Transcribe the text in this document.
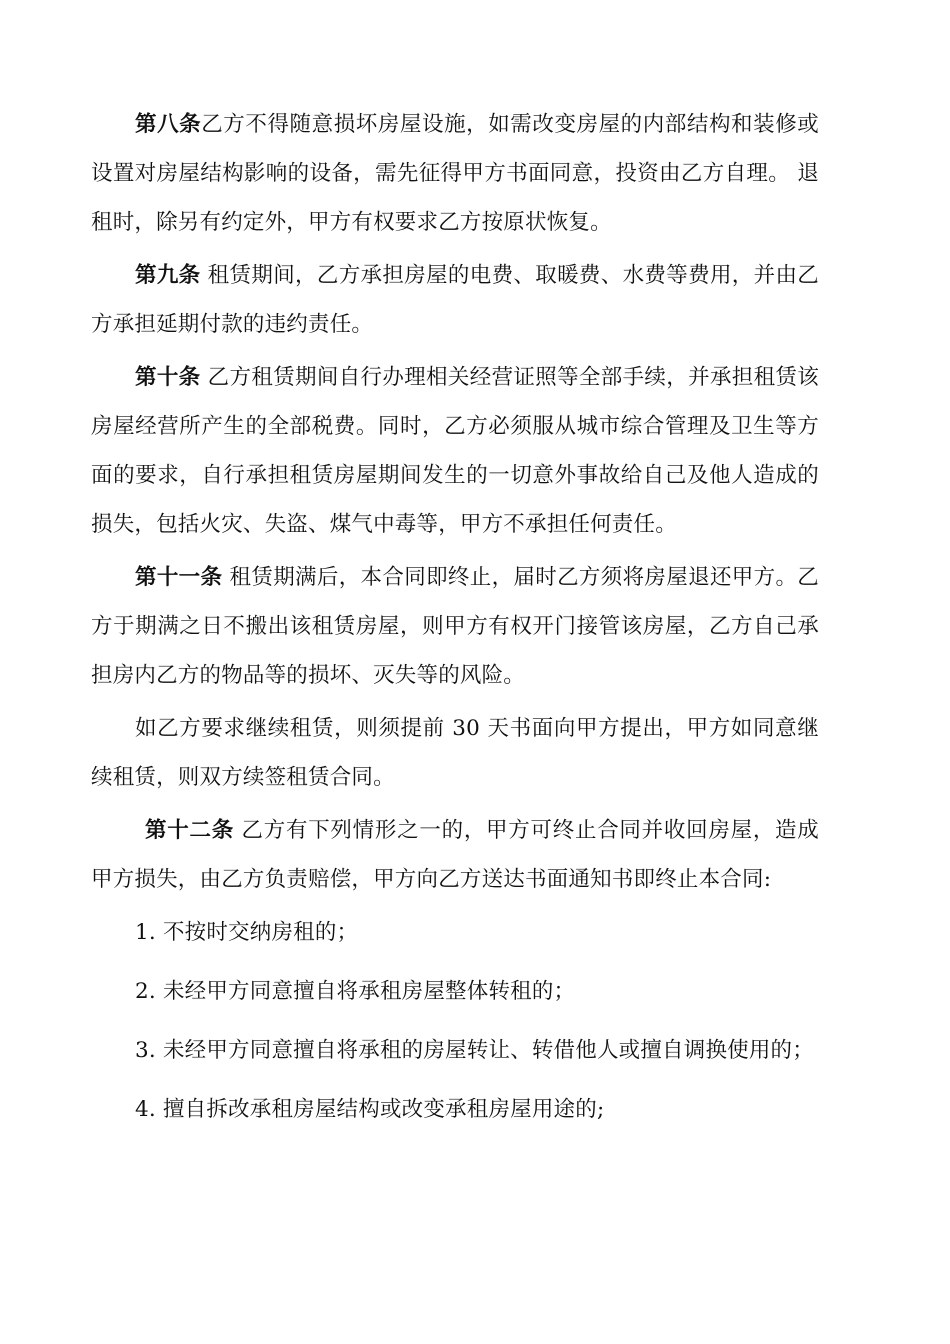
第八条乙方不得随意损坏房屋设施，如需改变房屋的内部结构和装修或设置对房屋结构影响的设备，需先征得甲方书面同意，投资由乙方自理。 退租时，除另有约定外，甲方有权要求乙方按原状恢复。

第九条 租赁期间，乙方承担房屋的电费、取暖费、水费等费用，并由乙方承担延期付款的违约责任。

第十条 乙方租赁期间自行办理相关经营证照等全部手续，并承担租赁该房屋经营所产生的全部税费。同时，乙方必须服从城市综合管理及卫生等方面的要求，自行承担租赁房屋期间发生的一切意外事故给自己及他人造成的损失，包括火灾、失盗、煤气中毒等，甲方不承担任何责任。

第十一条 租赁期满后，本合同即终止，届时乙方须将房屋退还甲方。乙方于期满之日不搬出该租赁房屋，则甲方有权开门接管该房屋，乙方自己承担房内乙方的物品等的损坏、灭失等的风险。

如乙方要求继续租赁，则须提前 30 天书面向甲方提出，甲方如同意继续租赁，则双方续签租赁合同。

第十二条 乙方有下列情形之一的，甲方可终止合同并收回房屋，造成甲方损失，由乙方负责赔偿，甲方向乙方送达书面通知书即终止本合同:

1. 不按时交纳房租的；

2. 未经甲方同意擅自将承租房屋整体转租的；

3. 未经甲方同意擅自将承租的房屋转让、转借他人或擅自调换使用的；

4. 擅自拆改承租房屋结构或改变承租房屋用途的;
